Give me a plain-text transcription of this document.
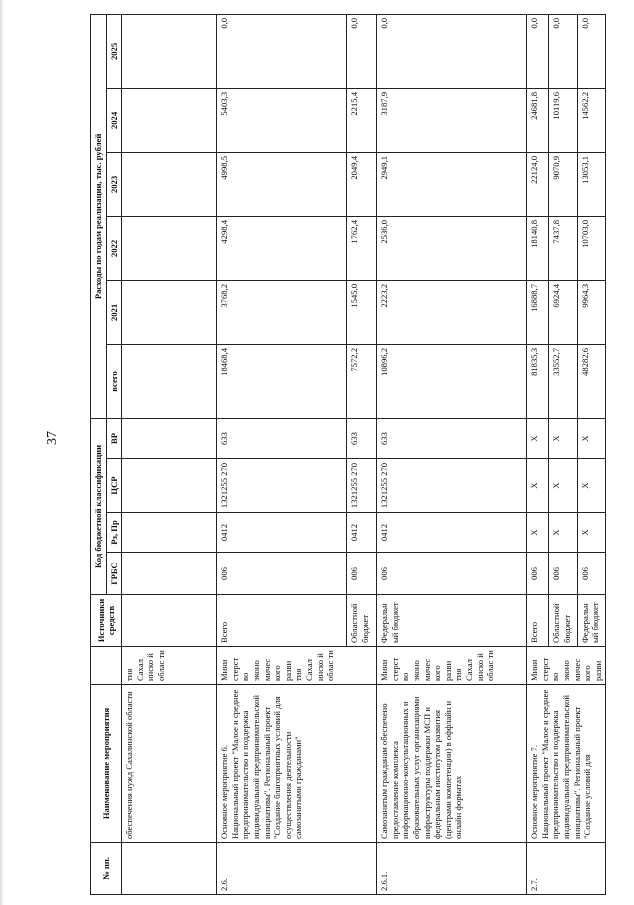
37
№ пп.	Наименование мероприятия		Источники средств	Код бюджетной классификации				Расходы по годам реализации, тыс. рублей					
				ГРБС	Рз, Пр	ЦСР	ВР	всего	2021	2022	2023	2024	2025
	обеспечения нужд Сахалинской области	тия Сахал инско й облас ти											
2.6.	Основное мероприятие 6. Национальный проект "Малое и среднее предпринимательство и поддержка индивидуальной предпринимательской инициативы". Региональный проект "Создание благоприятных условий для осуществления деятельности самозанятыми гражданами"	Мини стерст во эконо мичес кого разви тия Сахал инско й облас ти	Всего	006	0412	1321255 270	633	18468,4	3768,2	4298,4	4998,5	5403,3	0,0
			Областной бюджет	006	0412	1321255 270	633	7572,2	1545,0	1762,4	2049,4	2215,4	0,0
2.6.1.	Самозанятым гражданам обеспечено предоставление комплекса информационно-консультационных и образовательных услуг организациями инфраструктуры поддержки МСП и федеральным институтом развития (центрами компетенции) в оффлайн и онлайн форматах	Мини стерст во эконо мичес кого разви тия Сахал инско й облас ти	Федеральный бюджет	006	0412	1321255 270	633	10896,2	2223,2	2536,0	2949,1	3187,9	0,0
2.7.	Основное мероприятие 7. Национальный проект "Малое и среднее предпринимательство и поддержка индивидуальной предпринимательской инициативы". Региональный проект "Создание условий для	Мини стерст во эконо мичес кого разви	Всего	006	X	X	X	81835,3	16888,7	18140,8	22124,0	24681,8	0,0
			Областной бюджет	006	X	X	X	33552,7	6924,4	7437,8	9070,9	10119,6	0,0
			Федеральный бюджет	006	X	X	X	48282,6	9964,3	10703,0	13053,1	14562,2	0,0
